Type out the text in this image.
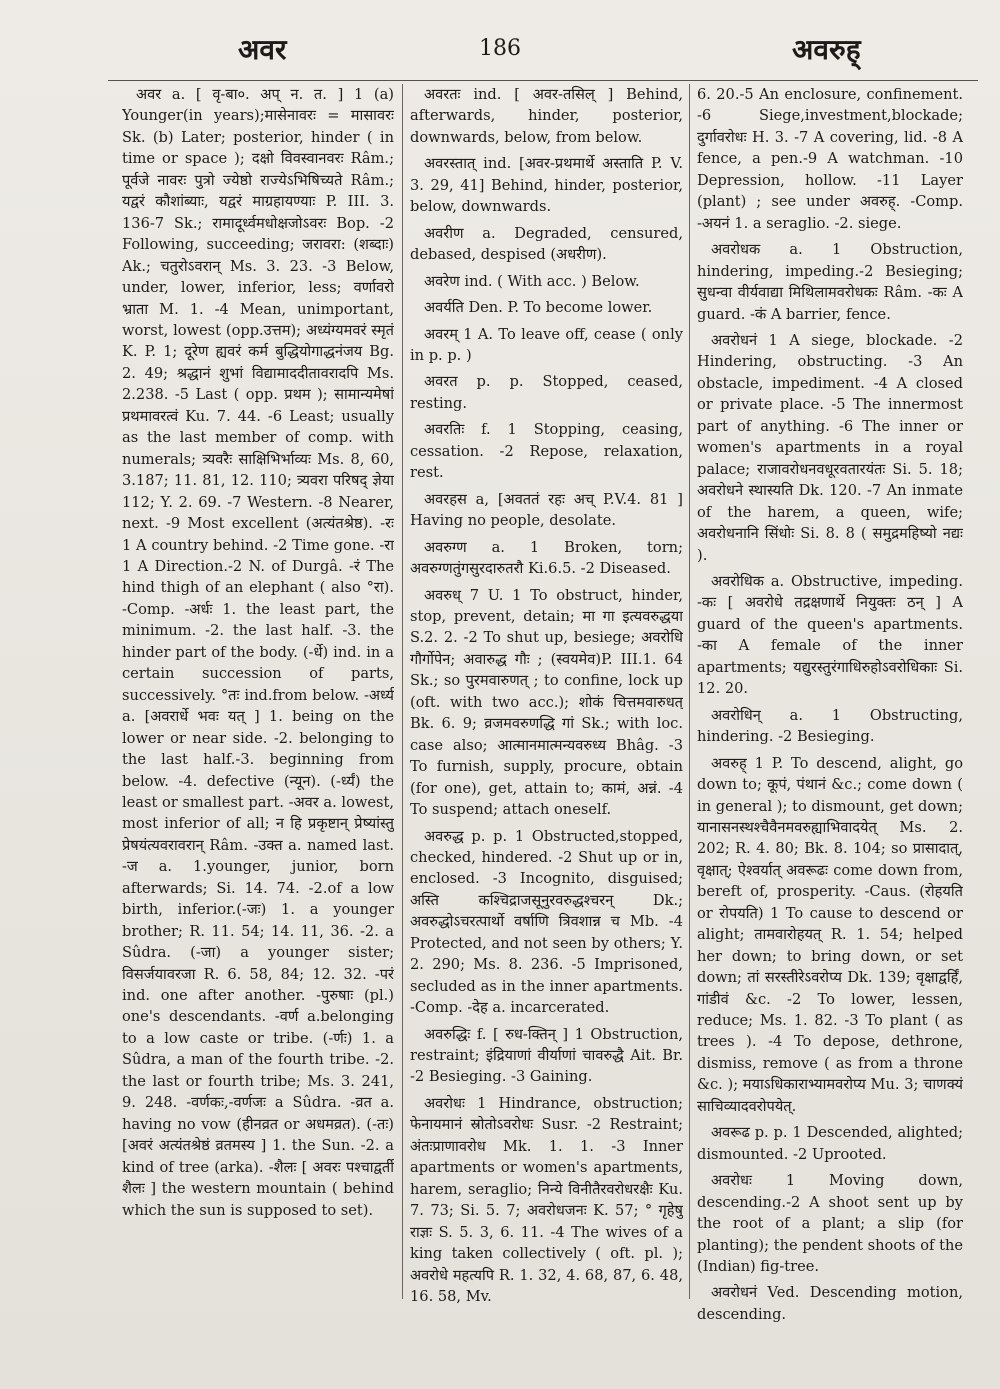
अवर	186	अवरुह्

अवर a. [ वृ-बा०. अप् न. त. ] 1 (a) Younger(in years);मासेनावरः = मासावरः Sk. (b) Later; posterior, hinder ( in time or space ); दक्षो विवस्वानवरः Râm.; पूर्वजे नावरः पुत्रो ज्येष्ठो राज्येऽभिषिच्यते Râm.; यद्वरं कौशांब्याः, यद्वरं माग्रहायण्याः P. III. 3. 136-7 Sk.; रामादूर्ध्वमधोक्षजोऽवरः Bop. -2 Following, succeeding; जरावरा: (शब्दाः) Ak.; चतुरोऽवरान् Ms. 3. 23. -3 Below, under, lower, inferior, less; वर्णावरो भ्राता M. 1. -4 Mean, unimportant, worst, lowest (opp.उत्तम); अध्यंग्यमवरं स्मृतं K. P. 1; दूरेण ह्यवरं कर्म बुद्धियोगाद्धनंजय Bg. 2. 49; श्रद्धानं शुभां विद्यामाददीतावरादपि Ms. 2.238. -5 Last ( opp. प्रथम ); सामान्यमेषां प्रथमावरत्वं Ku. 7. 44. -6 Least; usually as the last member of comp. with numerals; त्र्यवरैः साक्षिभिर्भाव्यः Ms. 8, 60, 3.187; 11. 81, 12. 110; त्र्यवरा परिषद् ज्ञेया 112; Y. 2. 69. -7 Western. -8 Nearer, next. -9 Most excellent (अत्यंतश्रेष्ठ). -रः 1 A country behind. -2 Time gone. -रा 1 A Direction.-2 N. of Durgâ. -रं The hind thigh of an elephant ( also °रा). -Comp. -अर्धः 1. the least part, the minimum. -2. the last half. -3. the hinder part of the body. (-र्धे) ind. in a certain succession of parts, successively. °तः ind.from below. -अर्ध्य a. [अवरार्धे भवः यत् ] 1. being on the lower or near side. -2. belonging to the last half.-3. beginning from below. -4. defective (न्यून). (-र्ध्यं) the least or smallest part. -अवर a. lowest, most inferior of all; न हि प्रकृष्टान् प्रेष्यांस्तु प्रेषयंत्यवरावरान् Râm. -उक्त a. named last. -ज a. 1.younger, junior, born afterwards; Si. 14. 74. -2.of a low birth, inferior.(-जः) 1. a younger brother; R. 11. 54; 14. 11, 36. -2. a Sûdra. (-जा) a younger sister; विसर्जयावरजा R. 6. 58, 84; 12. 32. -परं ind. one after another. -पुरुषाः (pl.) one's descendants. -वर्ण a.belonging to a low caste or tribe. (-र्णः) 1. a Sûdra, a man of the fourth tribe. -2. the last or fourth tribe; Ms. 3. 241, 9. 248. -वर्णकः,-वर्णजः a Sûdra. -व्रत a. having no vow (हीनव्रत or अधमव्रत). (-तः) [अवरं अत्यंतश्रेष्ठं व्रतमस्य ] 1. the Sun. -2. a kind of tree (arka). -शैलः [ अवरः पश्चाद्वर्ती शैलः ] the western mountain ( behind which the sun is supposed to set).

अवरतः ind. [ अवर-तसिल् ] Behind, afterwards, hinder, posterior, downwards, below, from below.

अवरस्तात् ind. [अवर-प्रथमार्थे अस्ताति P. V. 3. 29, 41] Behind, hinder, posterior, below, downwards.

अवरीण a. Degraded, censured, debased, despised (अधरीण).

अवरेण ind. ( With acc. ) Below.

अवर्यति Den. P. To become lower.

अवरम् 1 A. To leave off, cease ( only in p. p. )

अवरत p. p. Stopped, ceased, resting.

अवरतिः f. 1 Stopping, ceasing, cessation. -2 Repose, relaxation, rest.

अवरहस a, [अवततं रहः अच् P.V.4. 81 ] Having no people, desolate.

अवरुग्ण a. 1 Broken, torn; अवरुग्णतुंगसुरदारुतरौ Ki.6.5. -2 Diseased.

अवरुध् 7 U. 1 To obstruct, hinder, stop, prevent, detain; मा गा इत्यवरुद्धया S.2. 2. -2 To shut up, besiege; अवरोधि गौर्गोपेन; अवारुद्ध गौः ; (स्वयमेव)P. III.1. 64 Sk.; so पुरमवारुणत् ; to confine, lock up (oft. with two acc.); शोकं चित्तमवारुधत् Bk. 6. 9; व्रजमवरुणद्धि गां Sk.; with loc. case also; आत्मानमात्मन्यवरुध्य Bhâg. -3 To furnish, supply, procure, obtain (for one), get, attain to; कामं, अन्नं. -4 To suspend; attach oneself.

अवरुद्ध p. p. 1 Obstructed,stopped, checked, hindered. -2 Shut up or in, enclosed. -3 Incognito, disguised; अस्ति कश्चिद्राजसूनुरवरुद्धश्चरन् Dk.; अवरुद्धोऽचरत्पार्थो वर्षाणि त्रिवशान्न च Mb. -4 Protected, and not seen by others; Y. 2. 290; Ms. 8. 236. -5 Imprisoned, secluded as in the inner apartments. -Comp. -देह a. incarcerated.

अवरुद्धिः f. [ रुध-क्तिन् ] 1 Obstruction, restraint; इंद्रियाणां वीर्याणां चावरुद्धै Ait. Br. -2 Besieging. -3 Gaining.

अवरोधः 1 Hindrance, obstruction; फेनायमानं स्रोतोऽवरोधः Susr. -2 Restraint; अंतःप्राणावरोध Mk. 1. 1. -3 Inner apartments or women's apartments, harem, seraglio; निन्ये विनीतैरवरोधरक्षैः Ku. 7. 73; Si. 5. 7; अवरोधजनः K. 57; ° गृहेषु राज्ञः S. 5. 3, 6. 11. -4 The wives of a king taken collectively ( oft. pl. ); अवरोधे महत्यपि R. 1. 32, 4. 68, 87, 6. 48, 16. 58, Mv.

6. 20.-5 An enclosure, confinement. -6 Siege,investment,blockade; दुर्गावरोधः H. 3. -7 A covering, lid. -8 A fence, a pen.-9 A watchman. -10 Depression, hollow. -11 Layer (plant) ; see under अवरुह्. -Comp. -अयनं 1. a seraglio. -2. siege.

अवरोधक a. 1 Obstruction, hindering, impeding.-2 Besieging; सुधन्वा वीर्यवाद्या मिथिलामवरोधकः Râm. -कः A guard. -कं A barrier, fence.

अवरोधनं 1 A siege, blockade. -2 Hindering, obstructing. -3 An obstacle, impediment. -4 A closed or private place. -5 The innermost part of anything. -6 The inner or women's apartments in a royal palace; राजावरोधनवधूरवतारयंतः Si. 5. 18; अवरोधने स्थास्यति Dk. 120. -7 An inmate of the harem, a queen, wife; अवरोधनानि सिंधोः Si. 8. 8 ( समुद्रमहिष्यो नद्यः ).

अवरोधिक a. Obstructive, impeding. -कः [ अवरोधे तद्रक्षणार्थे नियुक्तः ठन् ] A guard of the queen's apartments. -का A female of the inner apartments; यद्युरस्तुरंगाधिरुहोऽवरोधिकाः Si. 12. 20.

अवरोधिन् a. 1 Obstructing, hindering. -2 Besieging.

अवरुह् 1 P. To descend, alight, go down to; कूपं, पंथानं &c.; come down ( in general ); to dismount, get down; यानासनस्थश्चैवैनमवरुह्याभिवादयेत् Ms. 2. 202; R. 4. 80; Bk. 8. 104; so प्रासादात्, वृक्षात्; ऐश्वर्यात् अवरूढः come down from, bereft of, prosperity. -Caus. (रोहयति or रोपयति) 1 To cause to descend or alight; तामवारोहयत् R. 1. 54; helped her down; to bring down, or set down; तां सरस्तीरेऽवरोप्य Dk. 139; वृक्षाद्वर्हिं, गांडीवं &c. -2 To lower, lessen, reduce; Ms. 1. 82. -3 To plant ( as trees ). -4 To depose, dethrone, dismiss, remove ( as from a throne &c. ); मयाऽधिकाराभ्यामवरोप्य Mu. 3; चाणक्यं साचिव्यादवरोपयेत्.

अवरूढ p. p. 1 Descended, alighted; dismounted. -2 Uprooted.

अवरोधः 1 Moving down, descending.-2 A shoot sent up by the root of a plant; a slip (for planting); the pendent shoots of the (Indian) fig-tree.

अवरोधनं Ved. Descending motion, descending.
